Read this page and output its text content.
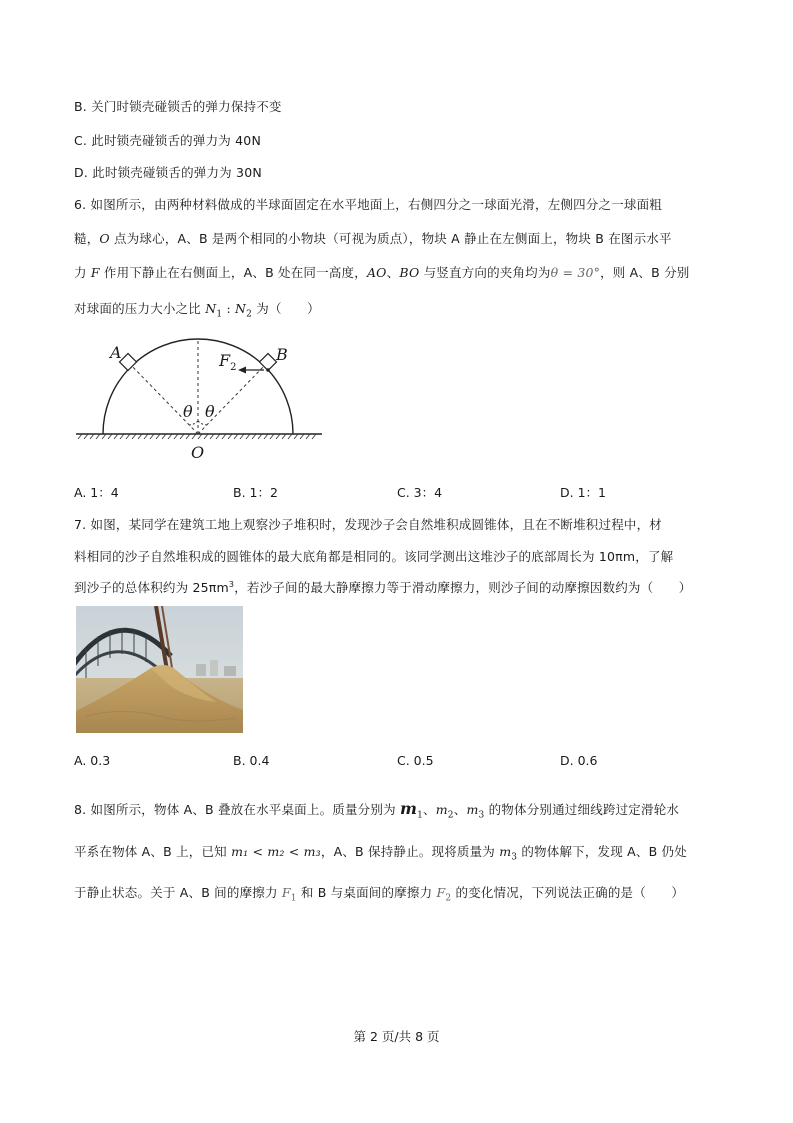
B. 关门时锁壳碰锁舌的弹力保持不变
C. 此时锁壳碰锁舌的弹力为 40N
D. 此时锁壳碰锁舌的弹力为 30N
6. 如图所示，由两种材料做成的半球面固定在水平地面上，右侧四分之一球面光滑，左侧四分之一球面粗
糙，O 点为球心，A、B 是两个相同的小物块（可视为质点），物块 A 静止在左侧面上，物块 B 在图示水平
力 F 作用下静止在右侧面上，A、B 处在同一高度，AO、BO 与竖直方向的夹角均为θ = 30°，则 A、B 分别
对球面的压力大小之比 $N_1$ : $N_2$ 为（　　）
A	B
$F_2$
θ θ
O
A. 1：4	B. 1：2	C. 3：4	D. 1：1
7. 如图，某同学在建筑工地上观察沙子堆积时，发现沙子会自然堆积成圆锥体，且在不断堆积过程中，材
料相同的沙子自然堆积成的圆锥体的最大底角都是相同的。该同学测出这堆沙子的底部周长为 10πm，了解
到沙子的总体积约为 $25\pi m^3$，若沙子间的最大静摩擦力等于滑动摩擦力，则沙子间的动摩擦因数约为（　　）
A. 0.3	B. 0.4	C. 0.5	D. 0.6
8. 如图所示，物体 A、B 叠放在水平桌面上。质量分别为 $m_1$、$m_2$、$m_3$ 的物体分别通过细线跨过定滑轮水
平系在物体 A、B 上，已知 m₁ < m₂ < m₃，A、B 保持静止。现将质量为 $m_3$ 的物体解下，发现 A、B 仍处
于静止状态。关于 A、B 间的摩擦力 $F_1$ 和 B 与桌面间的摩擦力 $F_2$ 的变化情况，下列说法正确的是（　　）
第 2 页/共 8 页
